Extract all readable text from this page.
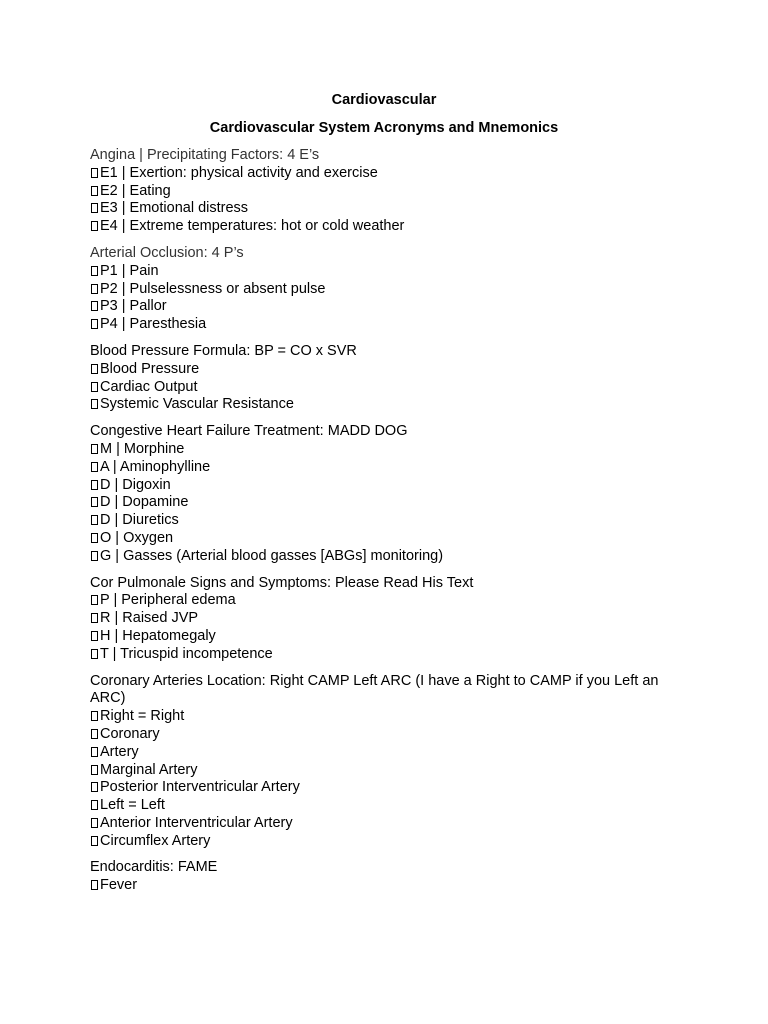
Cardiovascular
Cardiovascular System Acronyms and Mnemonics
Angina | Precipitating Factors: 4 E’s
E1 | Exertion: physical activity and exercise
E2 | Eating
E3 | Emotional distress
E4 | Extreme temperatures: hot or cold weather
Arterial Occlusion: 4 P’s
P1 | Pain
P2 | Pulselessness or absent pulse
P3 | Pallor
P4 | Paresthesia
Blood Pressure Formula: BP = CO x SVR
Blood Pressure
Cardiac Output
Systemic Vascular Resistance
Congestive Heart Failure Treatment: MADD DOG
M | Morphine
A | Aminophylline
D | Digoxin
D | Dopamine
D | Diuretics
O | Oxygen
G | Gasses (Arterial blood gasses [ABGs] monitoring)
Cor Pulmonale Signs and Symptoms: Please Read His Text
P | Peripheral edema
R | Raised JVP
H | Hepatomegaly
T | Tricuspid incompetence
Coronary Arteries Location: Right CAMP Left ARC (I have a Right to CAMP if you Left an ARC)
Right = Right
Coronary
Artery
Marginal Artery
Posterior Interventricular Artery
Left = Left
Anterior Interventricular Artery
Circumflex Artery
Endocarditis: FAME
Fever
